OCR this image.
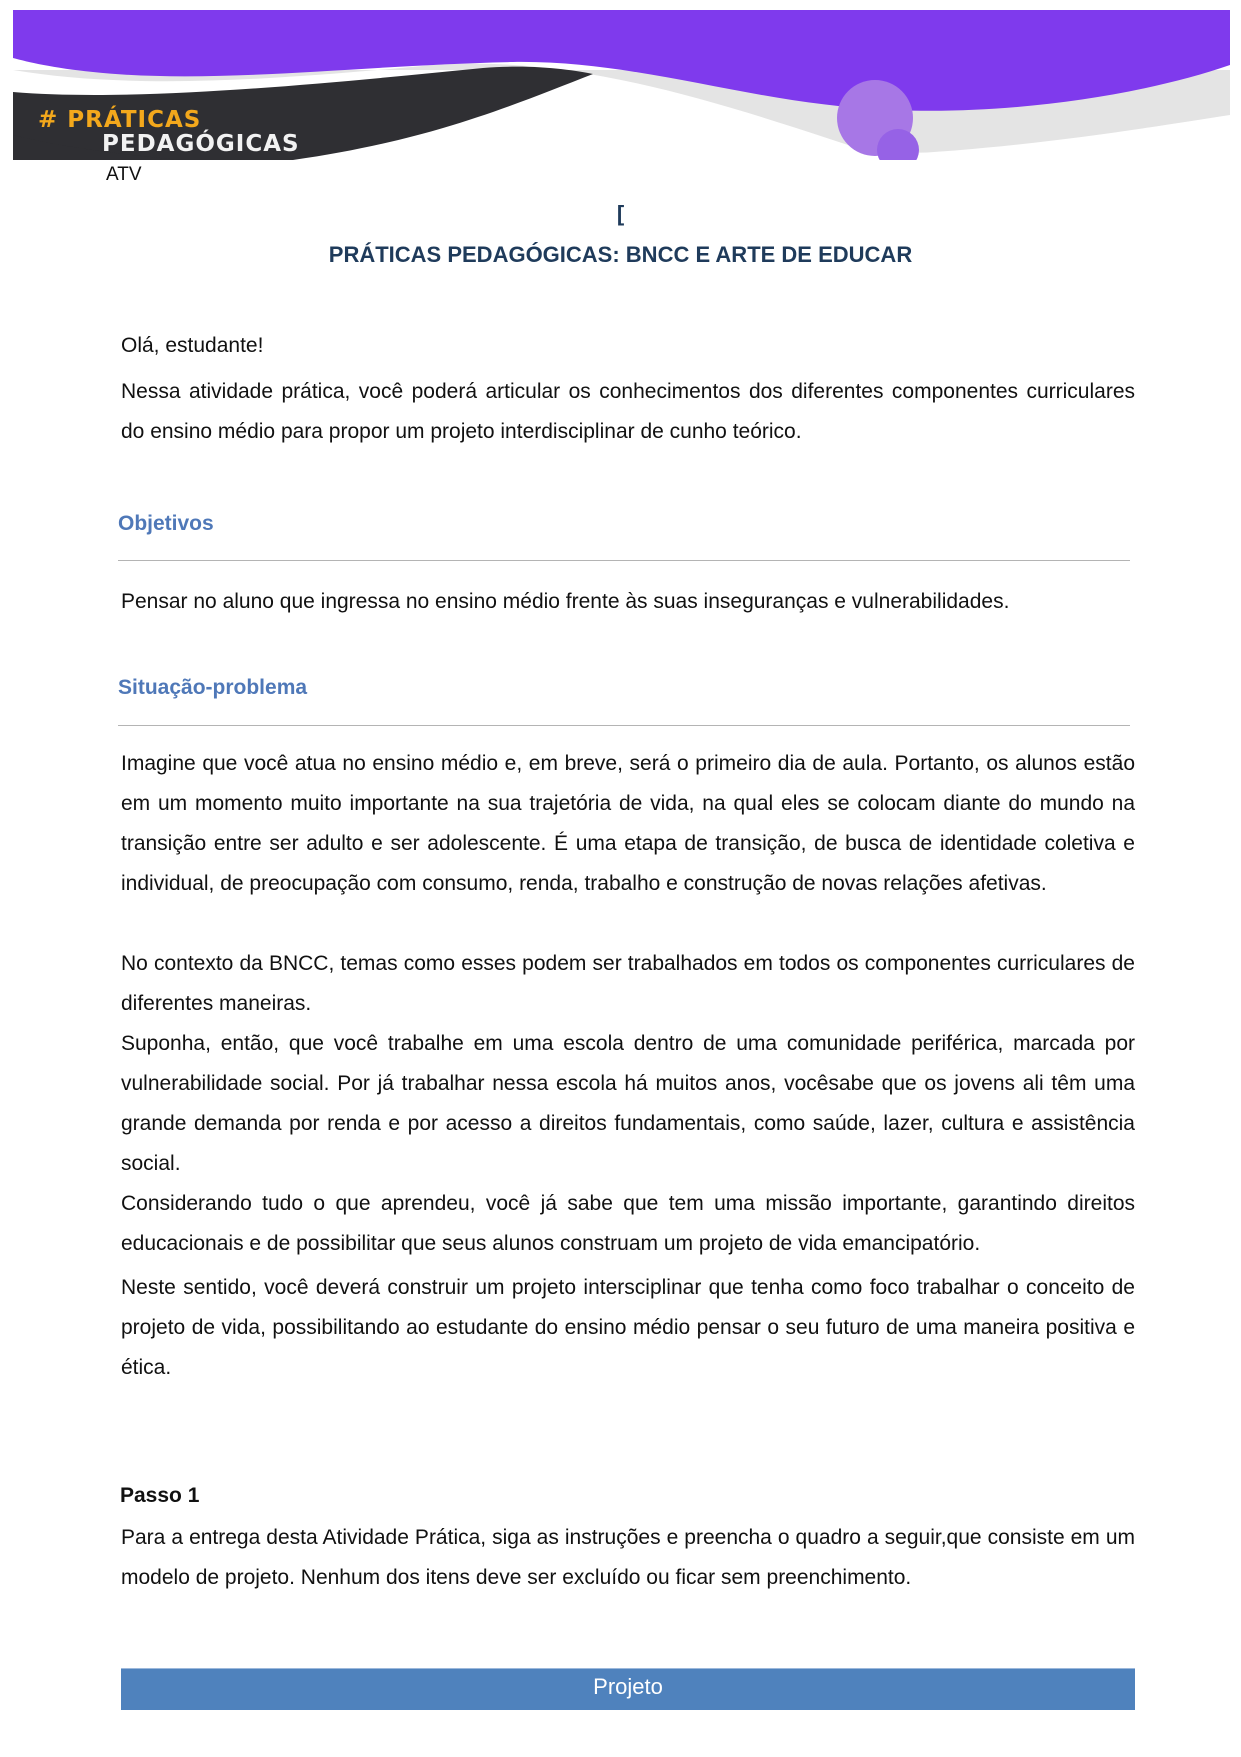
# PRÁTICAS
PEDAGÓGICAS
ATV
[
PRÁTICAS PEDAGÓGICAS: BNCC E ARTE DE EDUCAR
Olá, estudante!
Nessa atividade prática, você poderá articular os conhecimentos dos diferentes componentes curriculares do ensino médio para propor um projeto interdisciplinar de cunho teórico.
Objetivos
Pensar no aluno que ingressa no ensino médio frente às suas inseguranças e vulnerabilidades.
Situação-problema
Imagine que você atua no ensino médio e, em breve, será o primeiro dia de aula. Portanto, os alunos estão em um momento muito importante na sua trajetória de vida, na qual eles se colocam diante do mundo na transição entre ser adulto e ser adolescente. É uma etapa de transição, de busca de identidade coletiva e individual, de preocupação com consumo, renda, trabalho e construção de novas relações afetivas.
No contexto da BNCC, temas como esses podem ser trabalhados em todos os componentes curriculares de diferentes maneiras.
Suponha, então, que você trabalhe em uma escola dentro de uma comunidade periférica, marcada por vulnerabilidade social. Por já trabalhar nessa escola há muitos anos, vocêsabe que os jovens ali têm uma grande demanda por renda e por acesso a direitos fundamentais, como saúde, lazer, cultura e assistência social.
Considerando tudo o que aprendeu, você já sabe que tem uma missão importante, garantindo direitos educacionais e de possibilitar que seus alunos construam um projeto de vida emancipatório.
Neste sentido, você deverá construir um projeto intersciplinar que tenha como foco trabalhar o conceito de projeto de vida, possibilitando ao estudante do ensino médio pensar o seu futuro de uma maneira positiva e ética.
Passo 1
Para a entrega desta Atividade Prática, siga as instruções e preencha o quadro a seguir,que consiste em um modelo de projeto. Nenhum dos itens deve ser excluído ou ficar sem preenchimento.
Projeto
